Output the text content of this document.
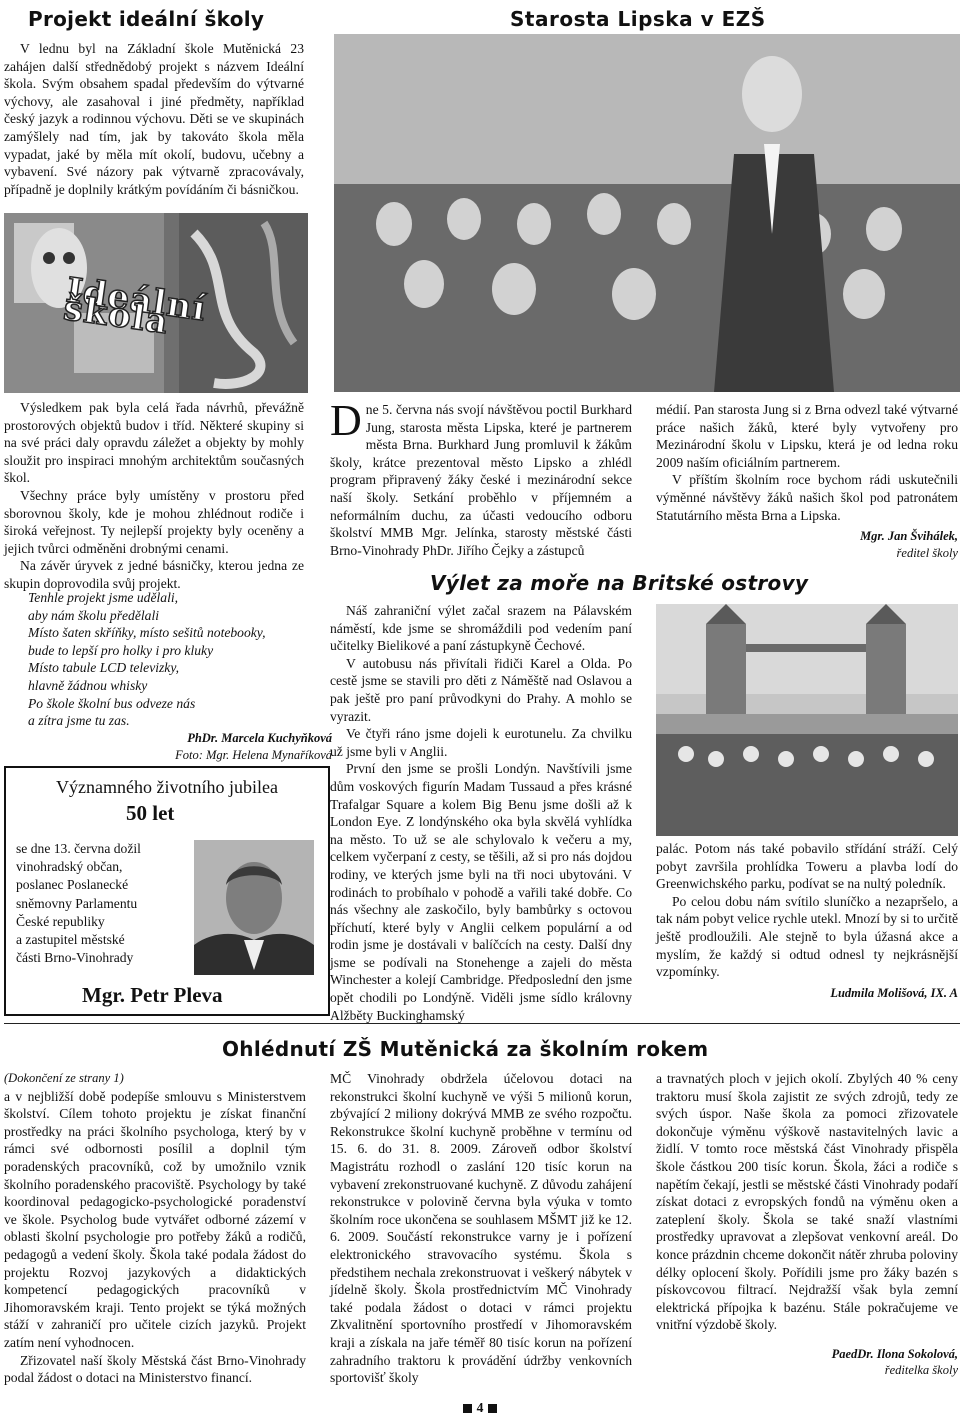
Projekt ideální školy

V lednu byl na Základní škole Mutěnická 23 zahájen další střednědobý projekt s názvem Ideální škola. Svým obsahem spadal především do výtvarné výchovy, ale zasahoval i jiné předměty, například český jazyk a rodinnou výchovu. Děti se ve skupinách zamýšlely nad tím, jak by takováto škola měla vypadat, jaké by měla mít okolí, budovu, učebny a vybavení. Své názory pak výtvarně zpracovávaly, případně je doplnily krátkým povídáním či básničkou.

Ideální škola

Výsledkem pak byla celá řada návrhů, převážně prostorových objektů budov i tříd. Některé skupiny si na své práci daly opravdu záležet a objekty by mohly sloužit pro inspiraci mnohým architektům současných škol.

Všechny práce byly umístěny v prostoru před sborovnou školy, kde je mohou zhlédnout rodiče i široká veřejnost. Ty nejlepší projekty byly oceněny a jejich tvůrci odměněni drobnými cenami.

Na závěr úryvek z jedné básničky, kterou jedna ze skupin doprovodila svůj projekt.

Tenhle projekt jsme udělali,

aby nám školu předělali

Místo šaten skříňky, místo sešitů notebooky,

bude to lepší pro holky i pro kluky

Místo tabule LCD televizky,

hlavně žádnou whisky

Po škole školní bus odveze nás

a zítra jsme tu zas.

PhDr. Marcela Kuchyňková
Foto: Mgr. Helena Mynaříková
Významného životního jubilea
50 let
se dne 13. června dožil
vinohradský občan,
poslanec Poslanecké
sněmovny Parlamentu
České republiky
a zastupitel městské
části Brno-Vinohrady
Mgr. Petr Pleva
Starosta Lipska v EZŠ

Dne 5. června nás svojí návštěvou poctil Burkhard Jung, starosta města Lipska, které je partnerem města Brna. Burkhard Jung promluvil k žákům školy, krátce prezentoval město Lipsko a zhlédl program připravený žáky české i mezinárodní sekce naší školy. Setkání proběhlo v příjemném a neformálním duchu, za účasti vedoucího odboru školství MMB Mgr. Jelínka, starosty městské části Brno-Vinohrady PhDr. Jiřího Čejky a zástupců

médií. Pan starosta Jung si z Brna odvezl také výtvarné práce našich žáků, které byly vytvořeny pro Mezinárodní školu v Lipsku, která je od ledna roku 2009 naším oficiálním partnerem.

V příštím školním roce bychom rádi uskutečnili výměnné návštěvy žáků našich škol pod patronátem Statutárního města Brna a Lipska.

Mgr. Jan Švihálek,
ředitel školy
Výlet za moře na Britské ostrovy

Náš zahraniční výlet začal srazem na Pálavském náměstí, kde jsme se shromáždili pod vedením paní učitelky Bielikové a paní zástupkyně Čechové.

V autobusu nás přivítali řidiči Karel a Olda. Po cestě jsme se stavili pro děti z Náměště nad Oslavou a pak ještě pro paní průvodkyni do Prahy. A mohlo se vyrazit.

Ve čtyři ráno jsme dojeli k eurotunelu. Za chvilku už jsme byli v Anglii.

První den jsme se prošli Londýn. Navštívili jsme dům voskových figurín Madam Tussaud a přes krásné Trafalgar Square a kolem Big Benu jsme došli až k London Eye. Z londýnského oka byla skvělá vyhlídka na město. To už se ale schylovalo k večeru a my, celkem vyčerpaní z cesty, se těšili, až si pro nás dojdou rodiny, ve kterých jsme byli na tři noci ubytováni. V rodinách to probíhalo v pohodě a vařili také dobře. Co nás všechny ale zaskočilo, byly bambůrky s octovou příchutí, které byly v Anglii celkem populární a od rodin jsme je dostávali v balíčcích na cesty. Další dny jsme se podívali na Stonehenge a zajeli do města Winchester a kolejí Cambridge. Předposlední den jsme opět chodili po Londýně. Viděli jsme sídlo královny Alžběty Buckinghamský

palác. Potom nás také pobavilo střídání stráží. Celý pobyt završila prohlídka Toweru a plavba lodí do Greenwichského parku, podívat se na nultý poledník.

Po celou dobu nám svítilo sluníčko a nezapršelo, a tak nám pobyt velice rychle utekl. Mnozí by si to určitě ještě prodloužili. Ale stejně to byla úžasná akce a myslím, že každý si odtud odnesl ty nejkrásnější vzpomínky.

Ludmila Molišová, IX. A
Ohlédnutí ZŠ Mutěnická za školním rokem

(Dokončení ze strany 1)

a v nejbližší době podepíše smlouvu s Ministerstvem školství. Cílem tohoto projektu je získat finanční prostředky na práci školního psychologa, který by v rámci své odbornosti posílil a doplnil tým poradenských pracovníků, což by umožnilo vznik školního poradenského pracoviště. Psychology by také koordinoval pedagogicko-psychologické poradenství ve škole. Psycholog bude vytvářet odborné zázemí v oblasti školní psychologie pro potřeby žáků a rodičů, pedagogů a vedení školy. Škola také podala žádost do projektu Rozvoj jazykových a didaktických kompetencí pedagogických pracovníků v Jihomoravském kraji. Tento projekt se týká možných stáží v zahraničí pro učitele cizích jazyků. Projekt zatím není vyhodnocen.

Zřizovatel naší školy Městská část Brno-Vinohrady podal žádost o dotaci na Ministerstvo financí.

MČ Vinohrady obdržela účelovou dotaci na rekonstrukci školní kuchyně ve výši 5 milionů korun, zbývající 2 miliony dokrývá MMB ze svého rozpočtu. Rekonstrukce školní kuchyně proběhne v termínu od 15. 6. do 31. 8. 2009. Zároveň odbor školství Magistrátu rozhodl o zaslání 120 tisíc korun na vybavení zrekonstruované kuchyně. Z důvodu zahájení rekonstrukce v polovině června byla výuka v tomto školním roce ukončena se souhlasem MŠMT již ke 12. 6. 2009. Součástí rekonstrukce varny je i pořízení elektronického stravovacího systému. Škola s předstihem nechala zrekonstruovat i veškerý nábytek v jídelně školy. Škola prostřednictvím MČ Vinohrady také podala žádost o dotaci v rámci projektu Zkvalitnění sportovního prostředí v Jihomoravském kraji a získala na jaře téměř 80 tisíc korun na pořízení zahradního traktoru k provádění údržby venkovních sportovišť školy

a travnatých ploch v jejich okolí. Zbylých 40 % ceny traktoru musí škola zajistit ze svých zdrojů, tedy ze svých úspor. Naše škola za pomoci zřizovatele dokončuje výměnu výškově nastavitelných lavic a židlí. V tomto roce městská část Vinohrady přispěla škole částkou 200 tisíc korun. Škola, žáci a rodiče s napětím čekají, jestli se městské části Vinohrady podaří získat dotaci z evropských fondů na výměnu oken a zateplení školy. Škola se také snaží vlastními prostředky upravovat a zlepšovat venkovní areál. Do konce prázdnin chceme dokončit nátěr zhruba poloviny délky oplocení školy. Pořídili jsme pro žáky bazén s pískovcovou filtrací. Nejdražší však byla zemní elektrická přípojka k bazénu. Stále pokračujeme ve vnitřní výzdobě školy.

PaedDr. Ilona Sokolová,
ředitelka školy
4
